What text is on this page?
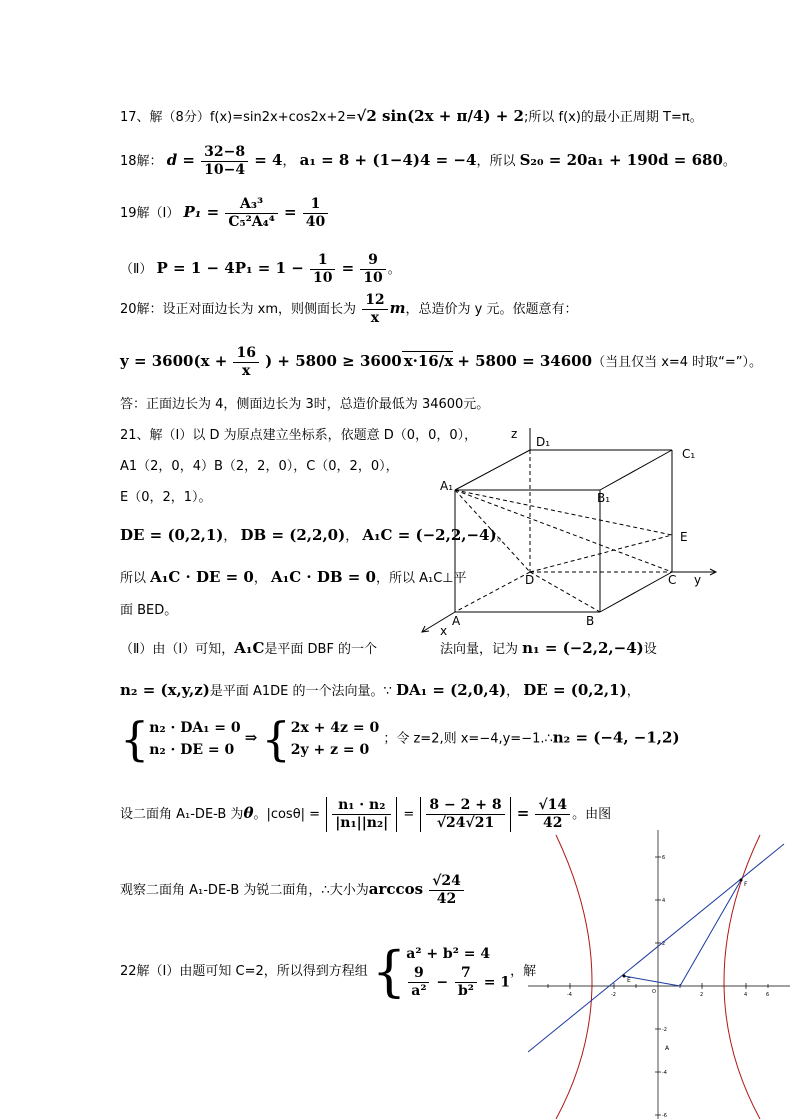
17、解（8分）f(x)=sin2x+cos2x+2=√2 sin(2x + π/4) + 2;所以 f(x)的最小正周期 T=π。
18解： $d = \frac{32-8}{10-4} = 4$， a₁ = 8 + (1−4)4 = −4，所以 S₂₀ = 20a₁ + 190d = 680。
19解（Ⅰ） $P_1 = \frac{\text{A₃³}}{\text{C₅²A₄⁴}} = \frac{1}{40}$
（Ⅱ） $P = 1 - 4P_1 = 1 - \frac{1}{10} = \frac{9}{10}$ 。
20解：设正对面边长为 xm，则侧面长为 $\frac{12}{x}$ m，总造价为 y 元。依题意有：
$y = 3600(x + \frac{16}{x}$ ) + 5800 ≥ 3600 x·16/x + 5800 = 34600（当且仅当 x=4 时取“=”）。
答：正面边长为 4，侧面边长为 3时，总造价最低为 34600元。
21、解（Ⅰ）以 D 为原点建立坐标系，依题意 D（0，0，0），
A1（2，0，4）B（2，2，0），C（0，2，0），
E（0，2，1）。
DE = (0,2,1)， DB = (2,2,0)， A₁C = (−2,2,−4)。
所以 A₁C · DE = 0， A₁C · DB = 0，所以 A₁C⊥平
面 BED。
（Ⅱ）由（Ⅰ）可知，A₁C是平面 DBF 的一个	法向量，记为 n₁ = (−2,2,−4)设
n₂ = (x,y,z)是平面 A1DE 的一个法向量。∵ DA₁ = (2,0,4)， DE = (0,2,1)，
{n₂ · DA₁ = 0
n₂ · DE = 0 ⇒ {2x + 4z = 0
2y + z = 0 ；令 z=2,则 x=−4,y=−1.∴n₂ = (−4, −1,2)
设二面角 A₁-DE-B 为θ。$|\cos\theta| = \frac{\text{n₁ · n₂}}{\text{|n₁||n₂|}} = \frac{8 - 2 + 8}{√24√21} = \frac{√14}{42}$ 。由图
观察二面角 A₁-DE-B 为锐二面角，∴大小为$\arccos \frac{√24}{42}$
22解（Ⅰ）由题可知 C=2，所以得到方程组 {a² + b² = 4

$\frac{9}{\text{a²}} - \frac{7}{\text{b²}} = 1$，解
z
D₁
C₁
A₁
B₁
E
D	C y
A	B
x
-4	-2	2	4	6
6
4
2
-2
-4
-6
F
E
A
O
